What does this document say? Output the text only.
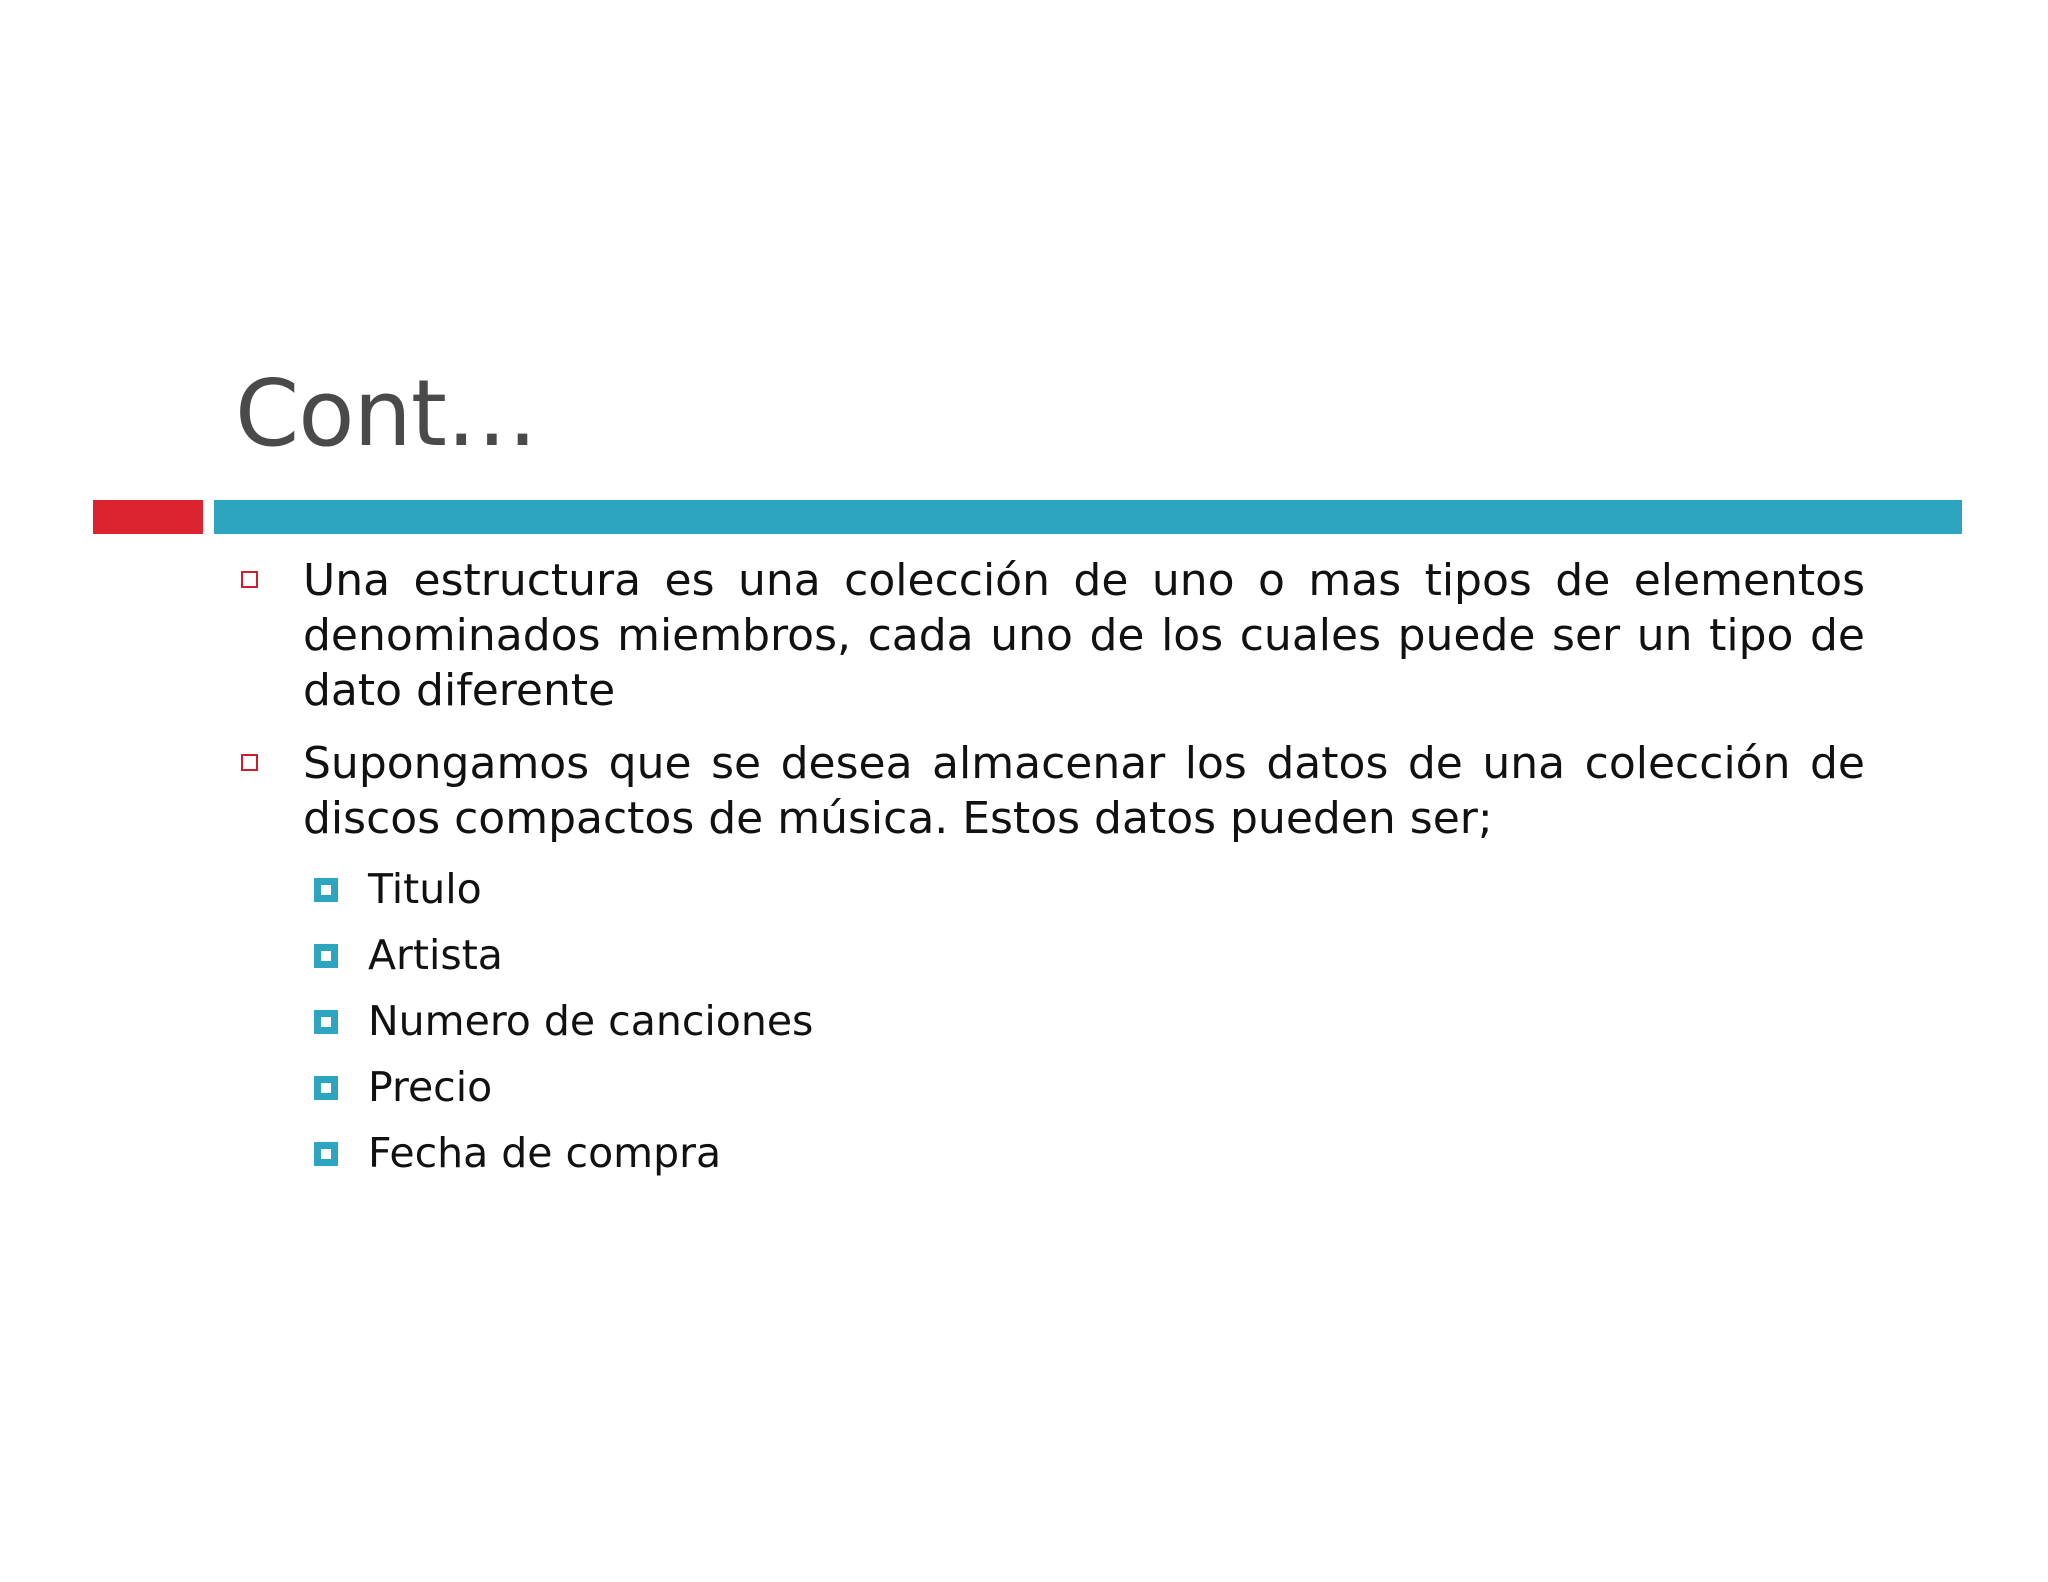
Cont…
Una estructura es una colección de uno o mas tipos de elementos denominados miembros, cada uno de los cuales puede ser un tipo de dato diferente
Supongamos que se desea almacenar los datos de una colección de discos compactos de música. Estos datos pueden ser;
Titulo
Artista
Numero de canciones
Precio
Fecha de compra
